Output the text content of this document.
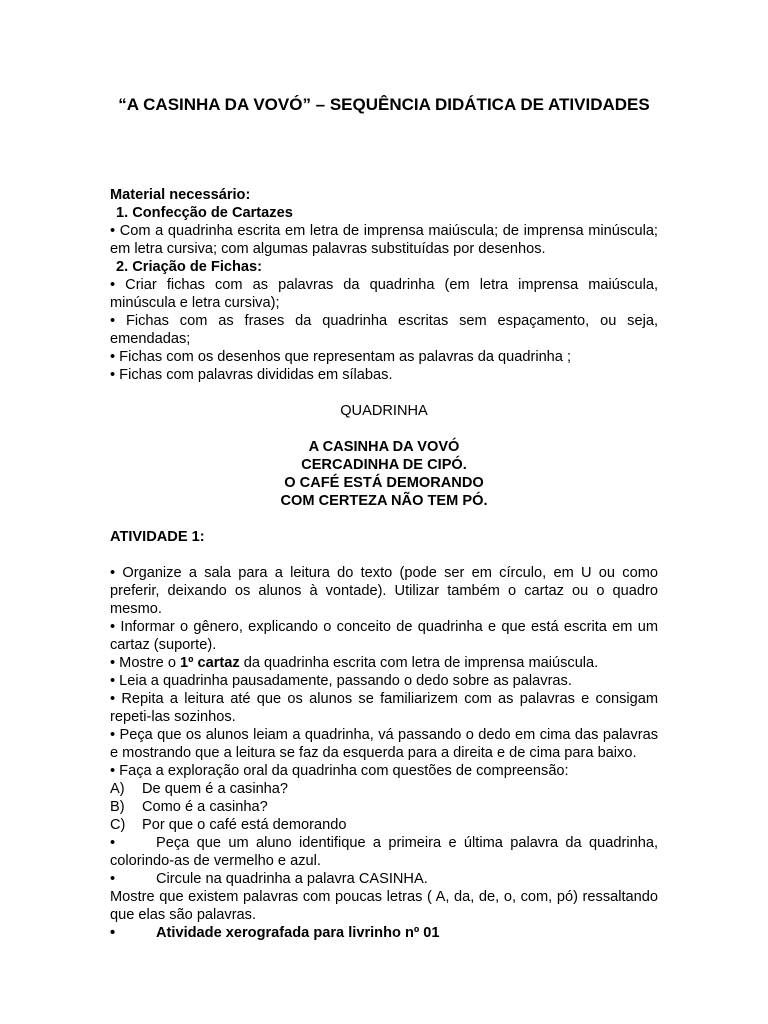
“A CASINHA DA VOVÓ” – SEQUÊNCIA DIDÁTICA DE ATIVIDADES

Material necessário:

1. Confecção de Cartazes

• Com a quadrinha escrita em letra de imprensa maiúscula; de imprensa minúscula; em letra cursiva; com algumas palavras substituídas por desenhos.

2. Criação de Fichas:

• Criar fichas com as palavras da quadrinha (em letra imprensa maiúscula, minúscula e letra cursiva);

• Fichas com as frases da quadrinha escritas sem espaçamento, ou seja, emendadas;

• Fichas com os desenhos que representam as palavras da quadrinha ;

• Fichas com palavras divididas em sílabas.

QUADRINHA

A CASINHA DA VOVÓ

CERCADINHA DE CIPÓ.

O CAFÉ ESTÁ DEMORANDO

COM CERTEZA NÃO TEM PÓ.

ATIVIDADE 1:

• Organize a sala para a leitura do texto (pode ser em círculo, em U ou como preferir, deixando os alunos à vontade). Utilizar também o cartaz ou o quadro mesmo.

• Informar o gênero, explicando o conceito de quadrinha e que está escrita em um cartaz (suporte).

• Mostre o 1º cartaz da quadrinha escrita com letra de imprensa maiúscula.

• Leia a quadrinha pausadamente, passando o dedo sobre as palavras.

• Repita a leitura até que os alunos se familiarizem com as palavras e consigam repeti-las sozinhos.

• Peça que os alunos leiam a quadrinha, vá passando o dedo em cima das palavras e mostrando que a leitura se faz da esquerda para a direita e de cima para baixo.

• Faça a exploração oral da quadrinha com questões de compreensão:

A) De quem é a casinha?

B) Como é a casinha?

C) Por que o café está demorando

•	Peça que um aluno identifique a primeira e última palavra da quadrinha, colorindo-as de vermelho e azul.

•	Circule na quadrinha a palavra CASINHA.

Mostre que existem palavras com poucas letras ( A, da, de, o, com, pó) ressaltando que elas são palavras.

•	Atividade xerografada para livrinho nº 01
